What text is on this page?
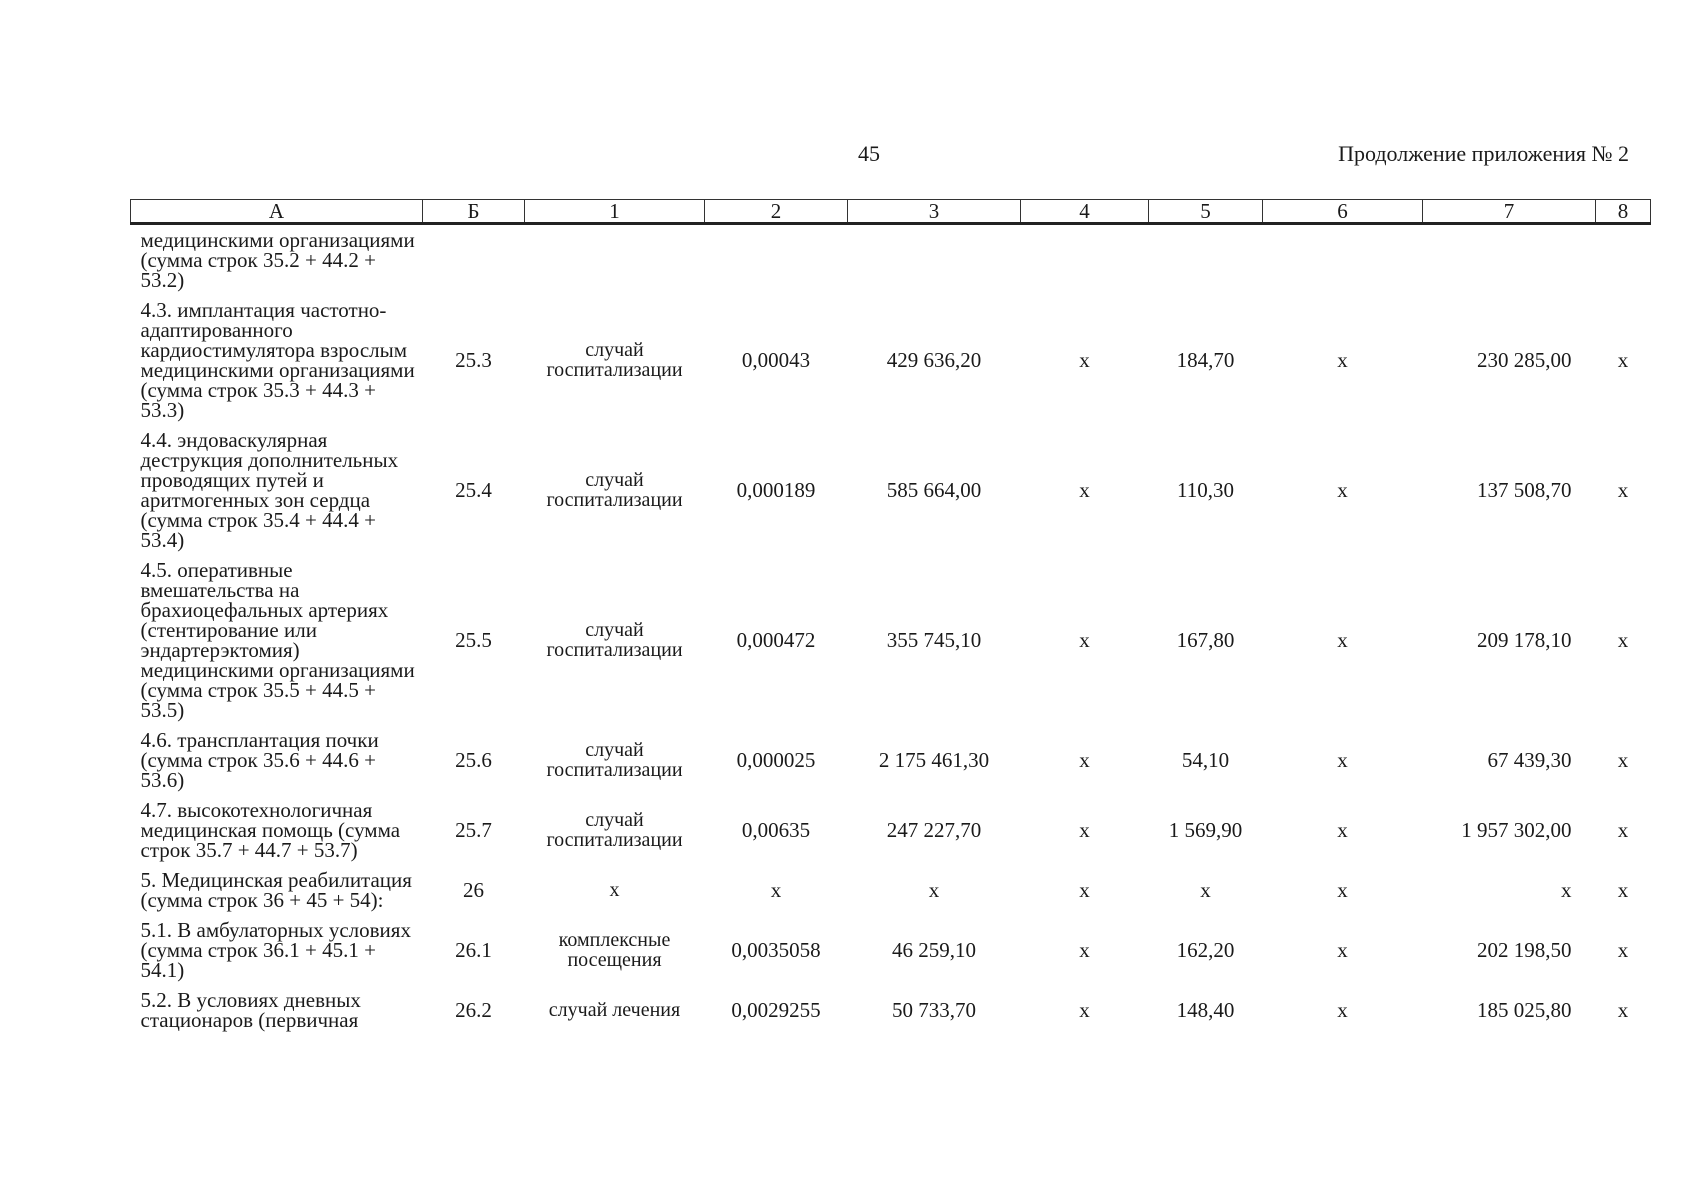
45	Продолжение приложения № 2
А	Б	1	2	3	4	5	6	7	8
медицинскими организациями (сумма строк 35.2 + 44.2 + 53.2)									
4.3. имплантация частотно-адаптированного кардиостимулятора взрослым медицинскими организациями (сумма строк 35.3 + 44.3 + 53.3)	25.3	случай госпитализации	0,00043	429 636,20	x	184,70	x	230 285,00	x
4.4. эндоваскулярная деструкция дополнительных проводящих путей и аритмогенных зон сердца (сумма строк 35.4 + 44.4 + 53.4)	25.4	случай госпитализации	0,000189	585 664,00	x	110,30	x	137 508,70	x
4.5. оперативные вмешательства на брахиоцефальных артериях (стентирование или эндартерэктомия) медицинскими организациями (сумма строк 35.5 + 44.5 + 53.5)	25.5	случай госпитализации	0,000472	355 745,10	x	167,80	x	209 178,10	x
4.6. трансплантация почки (сумма строк 35.6 + 44.6 + 53.6)	25.6	случай госпитализации	0,000025	2 175 461,30	x	54,10	x	67 439,30	x
4.7. высокотехнологичная медицинская помощь (сумма строк 35.7 + 44.7 + 53.7)	25.7	случай госпитализации	0,00635	247 227,70	x	1 569,90	x	1 957 302,00	x
5. Медицинская реабилитация (сумма строк 36 + 45 + 54):	26	x	x	x	x	x	x	x	x
5.1. В амбулаторных условиях (сумма строк 36.1 + 45.1 + 54.1)	26.1	комплексные посещения	0,0035058	46 259,10	x	162,20	x	202 198,50	x
5.2. В условиях дневных стационаров (первичная	26.2	случай лечения	0,0029255	50 733,70	x	148,40	x	185 025,80	x
